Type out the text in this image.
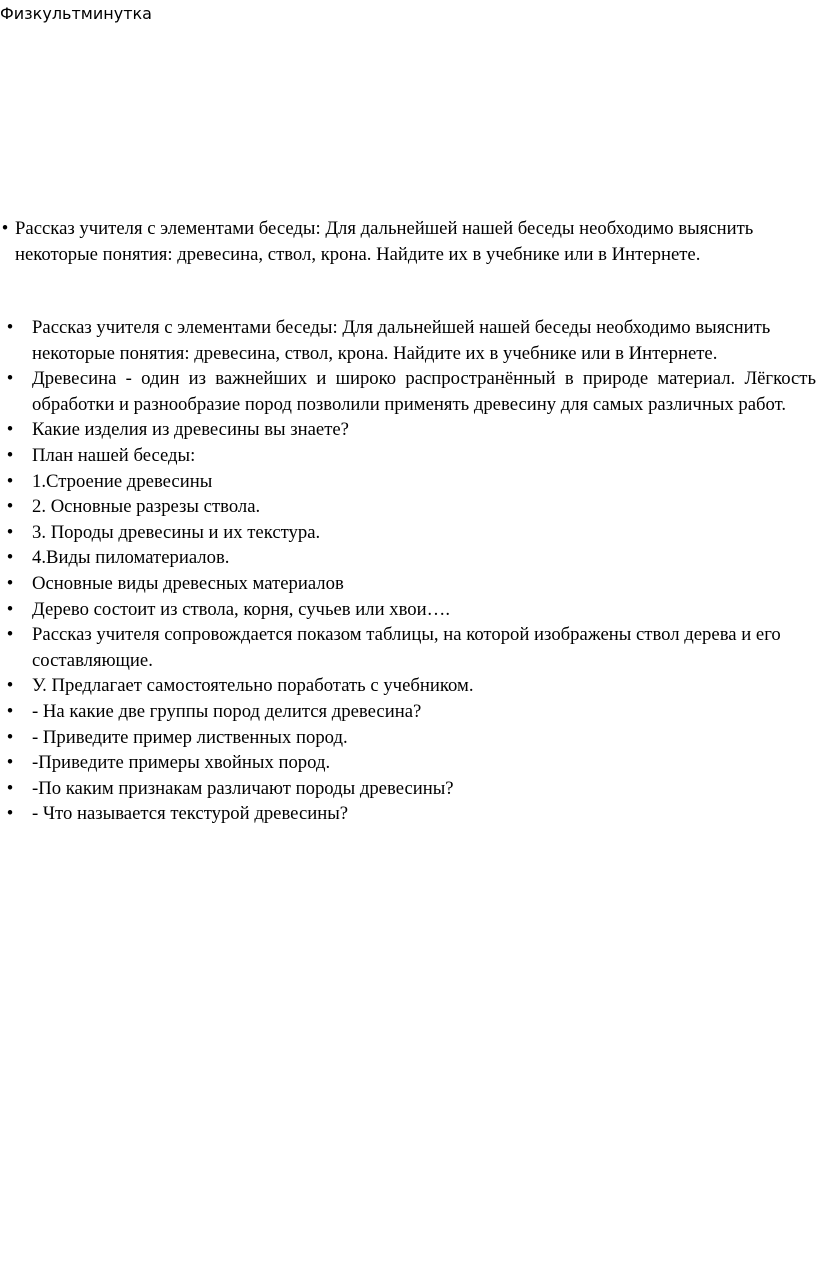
Физкультминутка
• Рассказ учителя с элементами беседы: Для дальнейшей нашей беседы необходимо выяснить некоторые понятия: древесина, ствол, крона. Найдите их в учебнике или в Интернете.
•	Рассказ учителя с элементами беседы: Для дальнейшей нашей беседы необходимо выяснить некоторые понятия: древесина, ствол, крона. Найдите их в учебнике или в Интернете.
•	Древесина - один из важнейших и широко распространённый в природе материал. Лёгкость обработки и разнообразие пород позволили применять древесину для самых различных работ.
•	Какие изделия из древесины вы знаете?
•	План нашей беседы:
•	1.Строение древесины
•	2. Основные разрезы ствола.
•	3. Породы древесины и их текстура.
•	4.Виды пиломатериалов.
•	Основные виды древесных материалов
•	Дерево состоит из ствола, корня, сучьев или хвои….
•	Рассказ учителя сопровождается показом таблицы, на которой изображены ствол дерева и его составляющие.
•	У. Предлагает самостоятельно поработать с учебником.
•	- На какие две группы пород делится древесина?
•	- Приведите пример лиственных пород.
•	-Приведите примеры хвойных пород.
•	-По каким признакам различают породы древесины?
•	- Что называется текстурой древесины?
